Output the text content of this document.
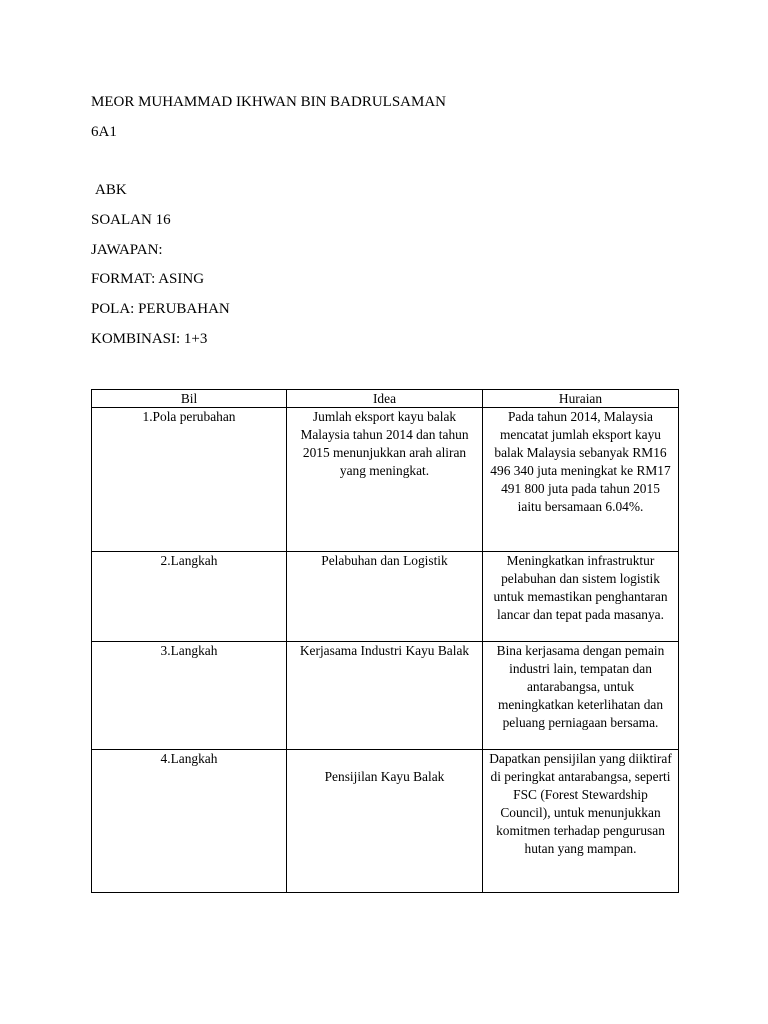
MEOR MUHAMMAD IKHWAN BIN BADRULSAMAN
6A1
ABK
SOALAN 16
JAWAPAN:
FORMAT: ASING
POLA: PERUBAHAN
KOMBINASI: 1+3
Bil	Idea	Huraian
1.Pola perubahan	Jumlah eksport kayu balak Malaysia tahun 2014 dan tahun 2015 menunjukkan arah aliran yang meningkat.	Pada tahun 2014, Malaysia mencatat jumlah eksport kayu balak Malaysia sebanyak RM16 496 340 juta meningkat ke RM17 491 800 juta pada tahun 2015 iaitu bersamaan 6.04%.
2.Langkah	Pelabuhan dan Logistik	Meningkatkan infrastruktur pelabuhan dan sistem logistik untuk memastikan penghantaran lancar dan tepat pada masanya.
3.Langkah	Kerjasama Industri Kayu Balak	Bina kerjasama dengan pemain industri lain, tempatan dan antarabangsa, untuk meningkatkan keterlihatan dan peluang perniagaan bersama.
4.Langkah	Pensijilan Kayu Balak	Dapatkan pensijilan yang diiktiraf di peringkat antarabangsa, seperti FSC (Forest Stewardship Council), untuk menunjukkan komitmen terhadap pengurusan hutan yang mampan.
